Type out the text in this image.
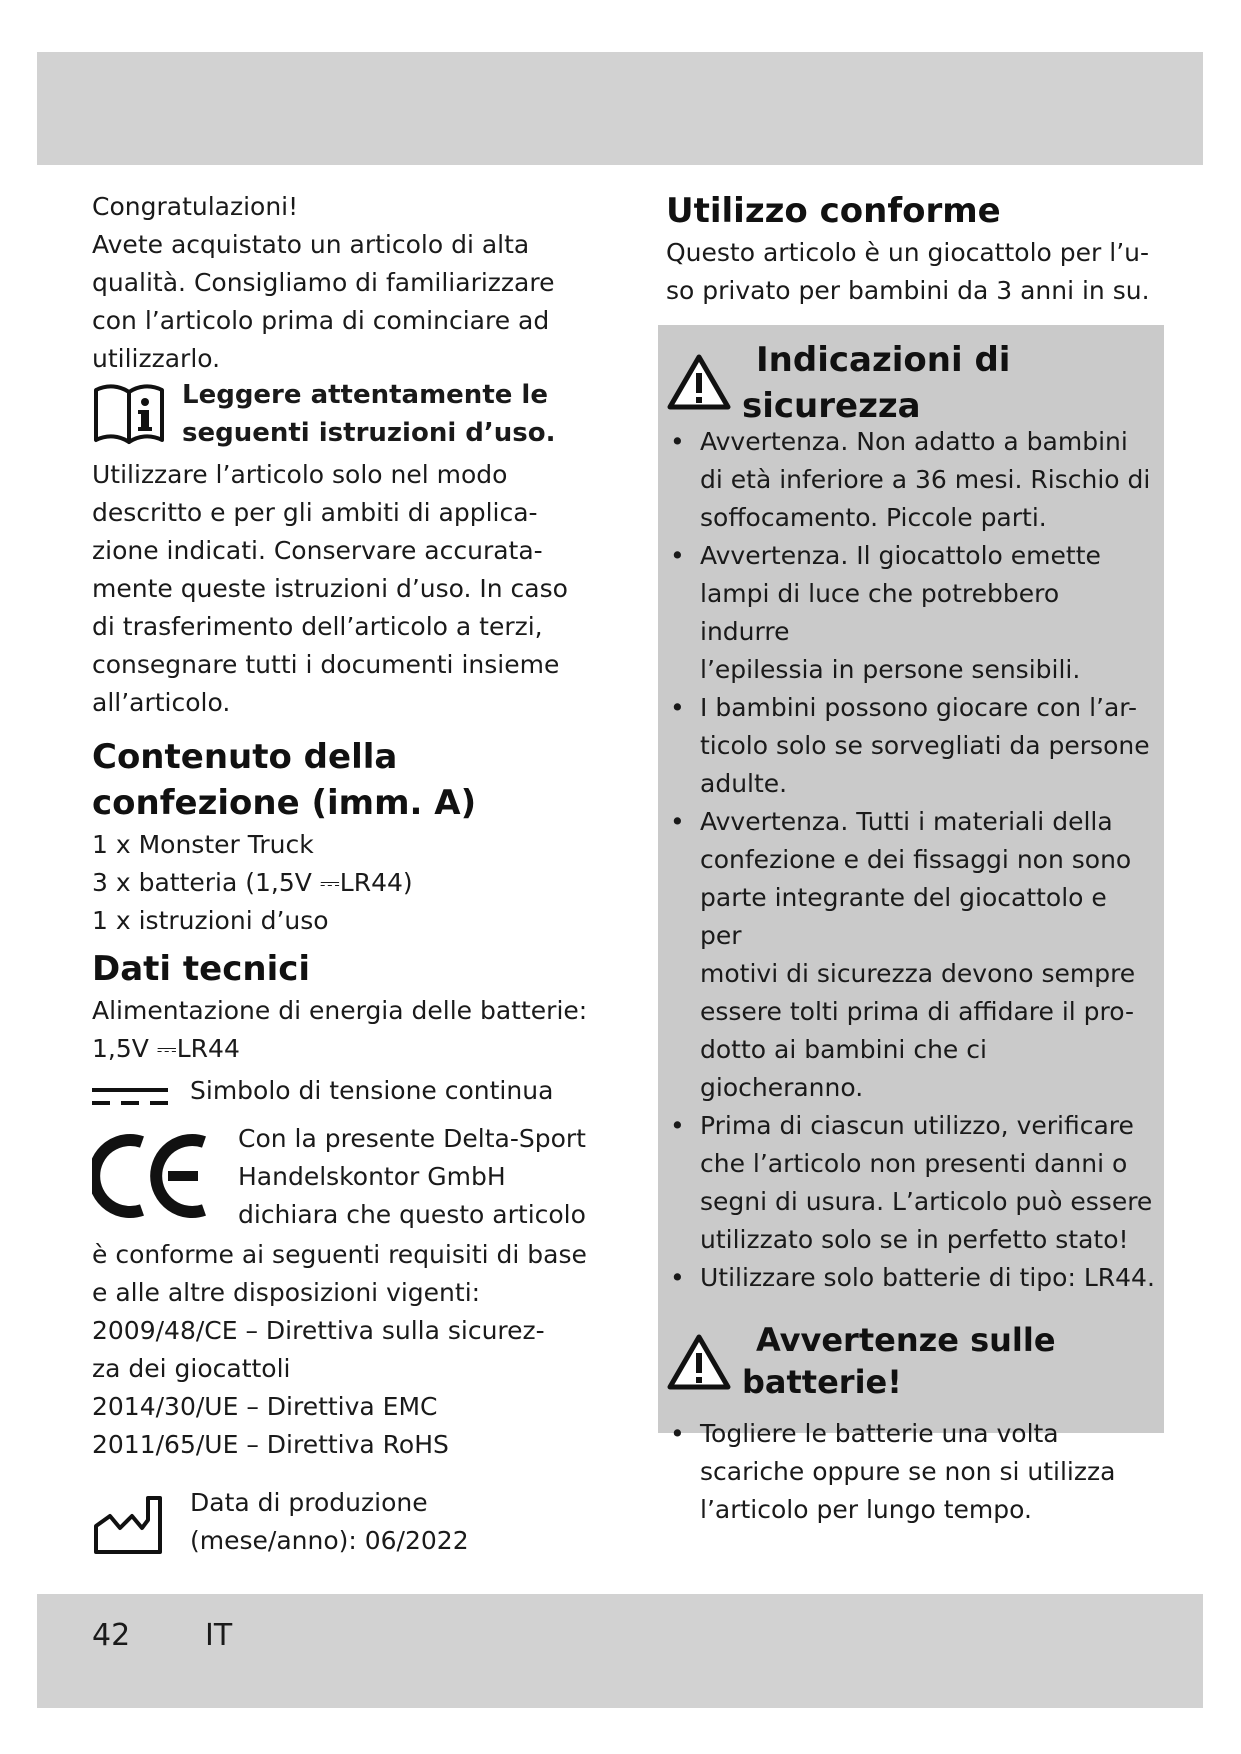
Congratulazioni!
Avete acquistato un articolo di alta
qualità. Consigliamo di familiarizzare
con l’articolo prima di cominciare ad
utilizzarlo.
Leggere attentamente le
seguenti istruzioni d’uso.
Utilizzare l’articolo solo nel modo
descritto e per gli ambiti di applica-
zione indicati. Conservare accurata-
mente queste istruzioni d’uso. In caso
di trasferimento dell’articolo a terzi,
consegnare tutti i documenti insieme
all’articolo.
Contenuto della
confezione (imm. A)
1 x Monster Truck
3 x batteria (1,5V ⎓LR44)
1 x istruzioni d’uso
Dati tecnici
Alimentazione di energia delle batterie:
1,5V ⎓LR44
Simbolo di tensione continua
Con la presente Delta-Sport
Handelskontor GmbH
dichiara che questo articolo
è conforme ai seguenti requisiti di base
e alle altre disposizioni vigenti:
2009/48/CE – Direttiva sulla sicurez-
za dei giocattoli
2014/30/UE – Direttiva EMC
2011/65/UE – Direttiva RoHS
Data di produzione
(mese/anno): 06/2022
Utilizzo conforme
Questo articolo è un giocattolo per l’u-
so privato per bambini da 3 anni in su.
Indicazioni di
sicurezza
• Avvertenza. Non adatto a bambini
di età inferiore a 36 mesi. Rischio di
soffocamento. Piccole parti.
• Avvertenza. Il giocattolo emette
lampi di luce che potrebbero indurre
l’epilessia in persone sensibili.
• I bambini possono giocare con l’ar-
ticolo solo se sorvegliati da persone
adulte.
• Avvertenza. Tutti i materiali della
confezione e dei fissaggi non sono
parte integrante del giocattolo e per
motivi di sicurezza devono sempre
essere tolti prima di affidare il pro-
dotto ai bambini che ci giocheranno.
• Prima di ciascun utilizzo, verificare
che l’articolo non presenti danni o
segni di usura. L’articolo può essere
utilizzato solo se in perfetto stato!
• Utilizzare solo batterie di tipo: LR44.
Avvertenze sulle
batterie!
• Togliere le batterie una volta
scariche oppure se non si utilizza
l’articolo per lungo tempo.
42 IT
